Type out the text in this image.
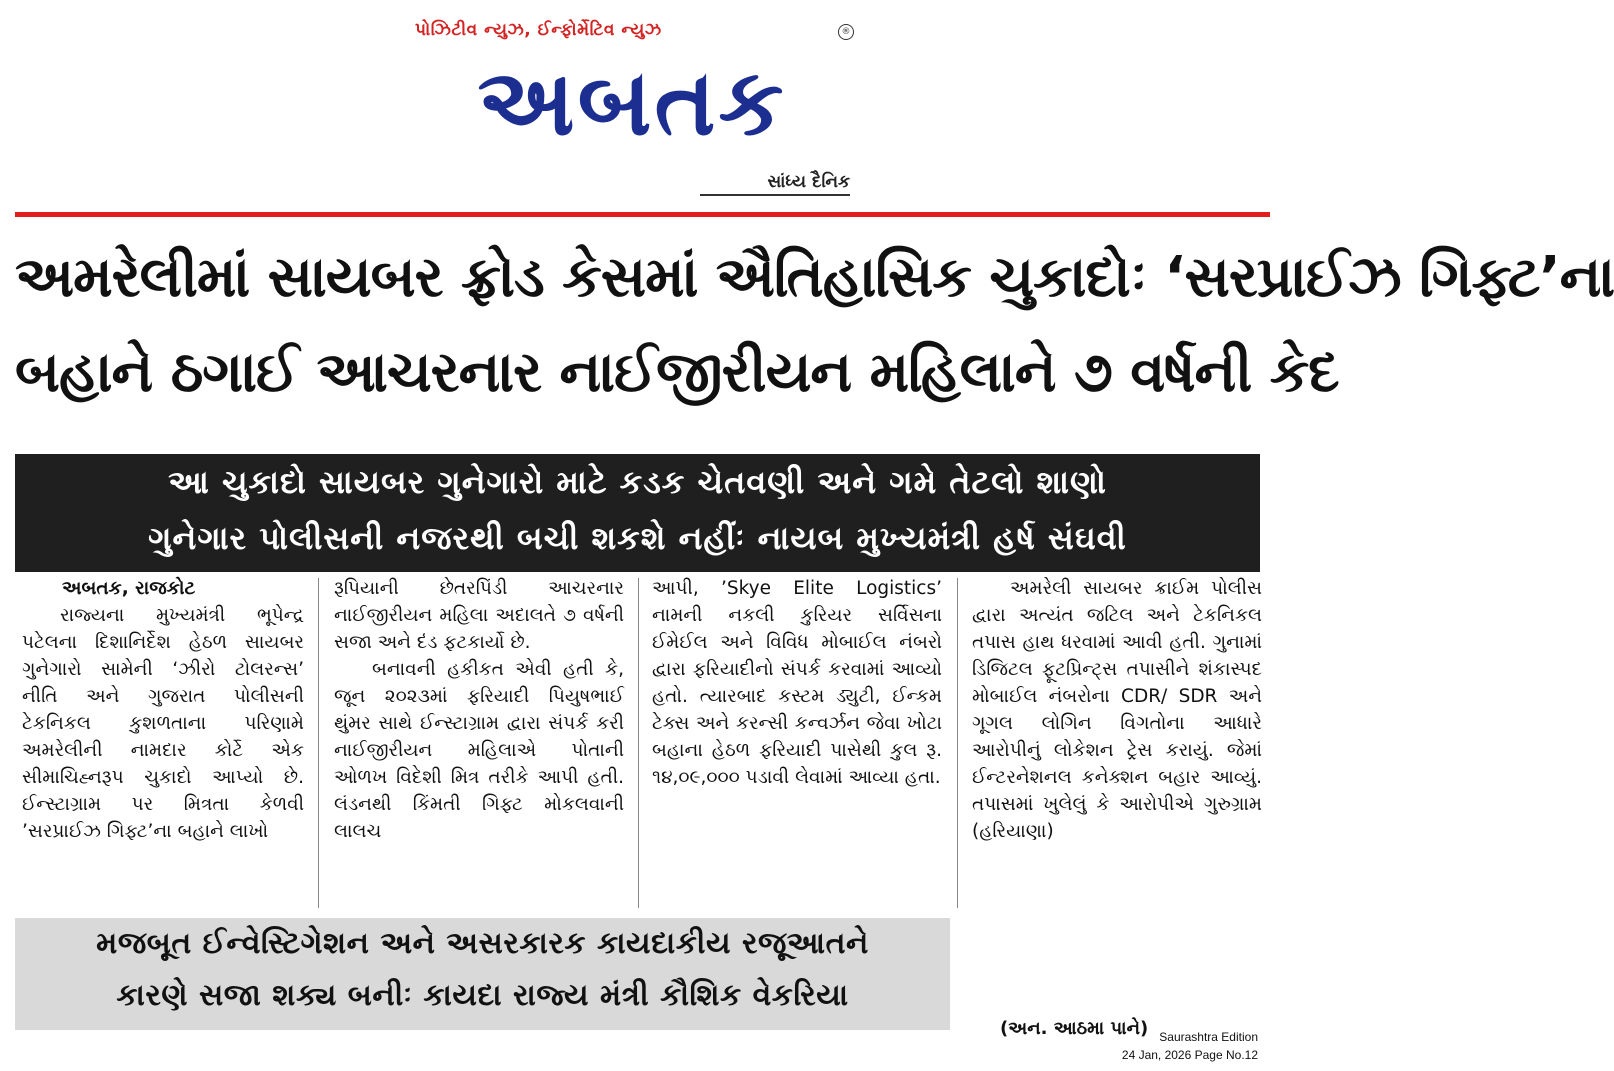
પોઝિટીવ ન્યુઝ, ઈન્ફોર્મેટિવ ન્યુઝ	®
અબતક
સાંધ્ય દૈનિક
અમરેલીમાં સાયબર ફ્રોડ કેસમાં ઐતિહાસિક ચુકાદોઃ ‘સરપ્રાઈઝ ગિફ્ટ’ના
બહાને ઠગાઈ આચરનાર નાઈજીરીયન મહિલાને ૭ વર્ષની કેદ
આ ચુકાદો સાયબર ગુનેગારો માટે કડક ચેતવણી અને ગમે તેટલો શાણો
ગુનેગાર પોલીસની નજરથી બચી શકશે નહીંઃ નાયબ મુખ્યમંત્રી હર્ષ સંઘવી

અબતક, રાજકોટ

રાજ્યના મુખ્યમંત્રી ભૂપેન્દ્ર પટેલના દિશાનિર્દેશ હેઠળ સાયબર ગુનેગારો સામેની ‘ઝીરો ટોલરન્સ’ નીતિ અને ગુજરાત પોલીસની ટેકનિકલ કુશળતાના પરિણામે અમરેલીની નામદાર કોર્ટે એક સીમાચિહ્નરૂપ ચુકાદો આપ્યો છે. ઈન્સ્ટાગ્રામ પર મિત્રતા કેળવી ’સરપ્રાઈઝ ગિફ્ટ’ના બહાને લાખો

રૂપિયાની છેતરપિંડી આચરનાર નાઈજીરીયન મહિલા અદાલતે ૭ વર્ષની સજા અને દંડ ફટકાર્યો છે.

બનાવની હકીકત એવી હતી કે, જૂન ૨૦૨૩માં ફરિયાદી પિયુષભાઈ થુંમર સાથે ઈન્સ્ટાગ્રામ દ્વારા સંપર્ક કરી નાઈજીરીયન મહિલાએ પોતાની ઓળખ વિદેશી મિત્ર તરીકે આપી હતી. લંડનથી કિંમતી ગિફ્ટ મોકલવાની લાલચ

આપી, ’Skye Elite Logistics’ નામની નકલી કુરિયર સર્વિસના ઈમેઈલ અને વિવિધ મોબાઈલ નંબરો દ્વારા ફરિયાદીનો સંપર્ક કરવામાં આવ્યો હતો. ત્યારબાદ કસ્ટમ ડ્યુટી, ઈન્કમ ટેક્સ અને કરન્સી કન્વર્ઝન જેવા ખોટા બહાના હેઠળ ફરિયાદી પાસેથી કુલ રૂ. ૧૪,૦૯,૦૦૦ પડાવી લેવામાં આવ્યા હતા.

અમરેલી સાયબર ક્રાઈમ પોલીસ દ્વારા અત્યંત જટિલ અને ટેકનિકલ તપાસ હાથ ધરવામાં આવી હતી. ગુનામાં ડિજિટલ ફૂટપ્રિન્ટ્સ તપાસીને શંકાસ્પદ મોબાઈલ નંબરોના CDR/ SDR અને ગૂગલ લોગિન વિગતોના આધારે આરોપીનું લોકેશન ટ્રેસ કરાયું. જેમાં ઈન્ટરનેશનલ કનેક્શન બહાર આવ્યું. તપાસમાં ખુલેલું કે આરોપીએ ગુરુગ્રામ (હરિયાણા)

મજબૂત ઈન્વેસ્ટિગેશન અને અસરકારક કાયદાકીય રજૂઆતને
કારણે સજા શક્ય બનીઃ કાયદા રાજ્ય મંત્રી કૌશિક વેકરિયા
(અન. આઠમા પાને) Saurashtra Edition
24 Jan, 2026 Page No.12
